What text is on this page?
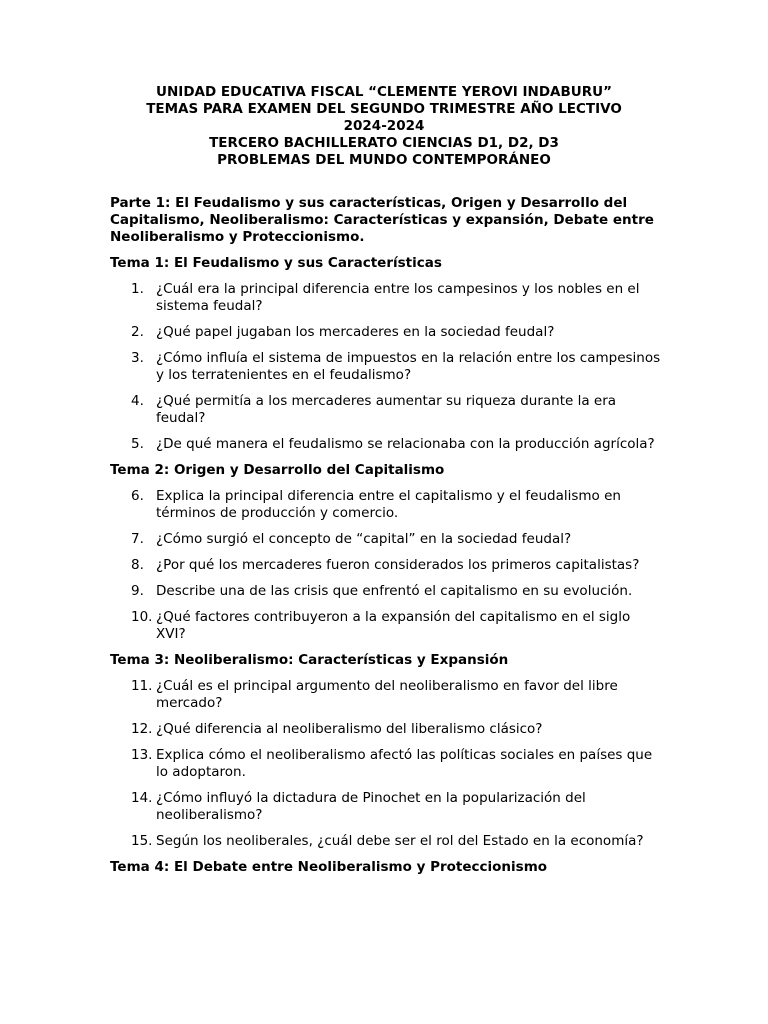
UNIDAD EDUCATIVA FISCAL “CLEMENTE YEROVI INDABURU”
TEMAS PARA EXAMEN DEL SEGUNDO TRIMESTRE AÑO LECTIVO
2024-2024
TERCERO BACHILLERATO CIENCIAS D1, D2, D3
PROBLEMAS DEL MUNDO CONTEMPORÁNEO
Parte 1: El Feudalismo y sus características, Origen y Desarrollo del Capitalismo, Neoliberalismo: Características y expansión, Debate entre Neoliberalismo y Proteccionismo.
Tema 1: El Feudalismo y sus Características
1. ¿Cuál era la principal diferencia entre los campesinos y los nobles en el sistema feudal?
2. ¿Qué papel jugaban los mercaderes en la sociedad feudal?
3. ¿Cómo influía el sistema de impuestos en la relación entre los campesinos y los terratenientes en el feudalismo?
4. ¿Qué permitía a los mercaderes aumentar su riqueza durante la era feudal?
5. ¿De qué manera el feudalismo se relacionaba con la producción agrícola?
Tema 2: Origen y Desarrollo del Capitalismo
6. Explica la principal diferencia entre el capitalismo y el feudalismo en términos de producción y comercio.
7. ¿Cómo surgió el concepto de “capital” en la sociedad feudal?
8. ¿Por qué los mercaderes fueron considerados los primeros capitalistas?
9. Describe una de las crisis que enfrentó el capitalismo en su evolución.
10. ¿Qué factores contribuyeron a la expansión del capitalismo en el siglo XVI?
Tema 3: Neoliberalismo: Características y Expansión
11. ¿Cuál es el principal argumento del neoliberalismo en favor del libre mercado?
12. ¿Qué diferencia al neoliberalismo del liberalismo clásico?
13. Explica cómo el neoliberalismo afectó las políticas sociales en países que lo adoptaron.
14. ¿Cómo influyó la dictadura de Pinochet en la popularización del neoliberalismo?
15. Según los neoliberales, ¿cuál debe ser el rol del Estado en la economía?
Tema 4: El Debate entre Neoliberalismo y Proteccionismo
